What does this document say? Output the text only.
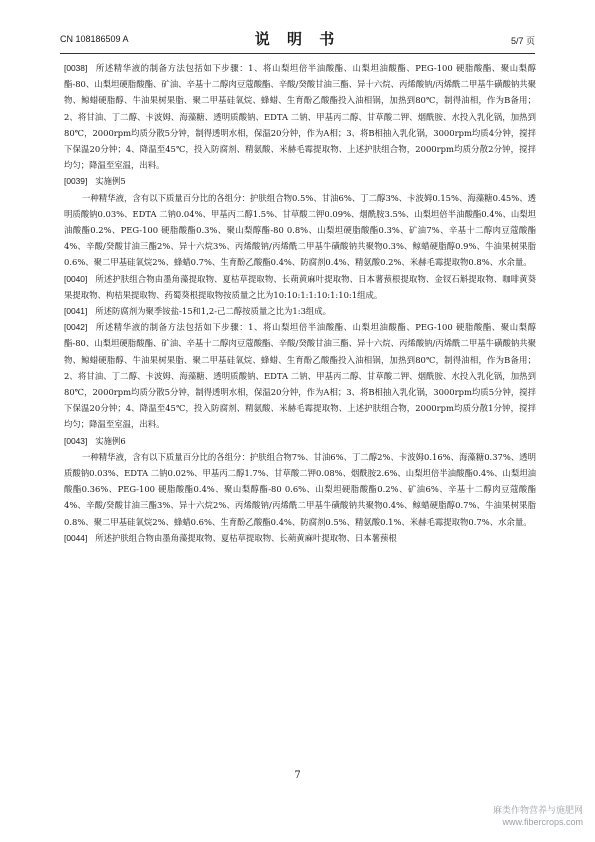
CN 108186509 A	说 明 书	5/7 页

[0038] 所述精华液的制备方法包括如下步骤：1、将山梨坦倍半油酸酯、山梨坦油酸酯、PEG-100 硬脂酸酯、聚山梨醇酯-80、山梨坦硬脂酸酯、矿油、辛基十二醇肉豆蔻酸酯、辛酸/癸酸甘油三酯、异十六烷、丙烯酸钠/丙烯酰二甲基牛磺酸钠共聚物、鲸蜡硬脂醇、牛油果树果脂、聚二甲基硅氧烷、蜂蜡、生育酚乙酸酯投入油相锅，加热到80℃，制得油相，作为B备用；2、将甘油、丁二醇、卡波姆、海藻糖、透明质酸钠、EDTA 二钠、甲基丙二醇、甘草酸二钾、烟酰胺、水投入乳化锅，加热到80℃，2000rpm均质分散5分钟，制得透明水相，保温20分钟，作为A相；3、将B相抽入乳化锅，3000rpm均质4分钟，搅拌下保温20分钟；4、降温至45℃，投入防腐剂、精氨酸、米赫毛霉提取物、上述护肤组合物，2000rpm均质分散2分钟，搅拌均匀；降温至室温，出料。

[0039] 实施例5

一种精华液，含有以下质量百分比的各组分：护肤组合物0.5%、甘油6%、丁二醇3%、卡波姆0.15%、海藻糖0.45%、透明质酸钠0.03%、EDTA 二钠0.04%、甲基丙二醇1.5%、甘草酸二钾0.09%、烟酰胺3.5%、山梨坦倍半油酸酯0.4%、山梨坦油酸酯0.2%、PEG-100 硬脂酸酯0.3%、聚山梨醇酯-80 0.8%、山梨坦硬脂酸酯0.3%、矿油7%、辛基十二醇肉豆蔻酸酯4%、辛酸/癸酸甘油三酯2%、异十六烷3%、丙烯酸钠/丙烯酰二甲基牛磺酸钠共聚物0.3%、鲸蜡硬脂醇0.9%、牛油果树果脂0.6%、聚二甲基硅氧烷2%、蜂蜡0.7%、生育酚乙酸酯0.4%、防腐剂0.4%、精氨酸0.2%、米赫毛霉提取物0.8%、水余量。

[0040] 所述护肤组合物由墨角藻提取物、夏枯草提取物、长蒴黄麻叶提取物、日本薯蓣根提取物、金钗石斛提取物、咖啡黄葵果提取物、枸桔果提取物、药蜀葵根提取物按质量之比为10:10:1:1:10:1:10:1组成。

[0041] 所述防腐剂为聚季铵盐-15和1,2-己二醇按质量之比为1:3组成。

[0042] 所述精华液的制备方法包括如下步骤：1、将山梨坦倍半油酸酯、山梨坦油酸酯、PEG-100 硬脂酸酯、聚山梨醇酯-80、山梨坦硬脂酸酯、矿油、辛基十二醇肉豆蔻酸酯、辛酸/癸酸甘油三酯、异十六烷、丙烯酸钠/丙烯酰二甲基牛磺酸钠共聚物、鲸蜡硬脂醇、牛油果树果脂、聚二甲基硅氧烷、蜂蜡、生育酚乙酸酯投入油相锅，加热到80℃，制得油相，作为B备用；2、将甘油、丁二醇、卡波姆、海藻糖、透明质酸钠、EDTA 二钠、甲基丙二醇、甘草酸二钾、烟酰胺、水投入乳化锅，加热到80℃，2000rpm均质分散5分钟，制得透明水相，保温20分钟，作为A相；3、将B相抽入乳化锅，3000rpm均质5分钟，搅拌下保温20分钟；4、降温至45℃，投入防腐剂、精氨酸、米赫毛霉提取物、上述护肤组合物，2000rpm均质分散1分钟，搅拌均匀；降温至室温，出料。

[0043] 实施例6

一种精华液，含有以下质量百分比的各组分：护肤组合物7%、甘油6%、丁二醇2%、卡波姆0.16%、海藻糖0.37%、透明质酸钠0.03%、EDTA 二钠0.02%、甲基丙二醇1.7%、甘草酸二钾0.08%、烟酰胺2.6%、山梨坦倍半油酸酯0.4%、山梨坦油酸酯0.36%、PEG-100 硬脂酸酯0.4%、聚山梨醇酯-80 0.6%、山梨坦硬脂酸酯0.2%、矿油6%、辛基十二醇肉豆蔻酸酯4%、辛酸/癸酸甘油三酯3%、异十六烷2%、丙烯酸钠/丙烯酰二甲基牛磺酸钠共聚物0.4%、鲸蜡硬脂醇0.7%、牛油果树果脂0.8%、聚二甲基硅氧烷2%、蜂蜡0.6%、生育酚乙酸酯0.4%、防腐剂0.5%、精氨酸0.1%、米赫毛霉提取物0.7%、水余量。

[0044] 所述护肤组合物由墨角藻提取物、夏枯草提取物、长蒴黄麻叶提取物、日本薯蓣根

7
麻类作物营养与施肥网
www.fibercrops.com
